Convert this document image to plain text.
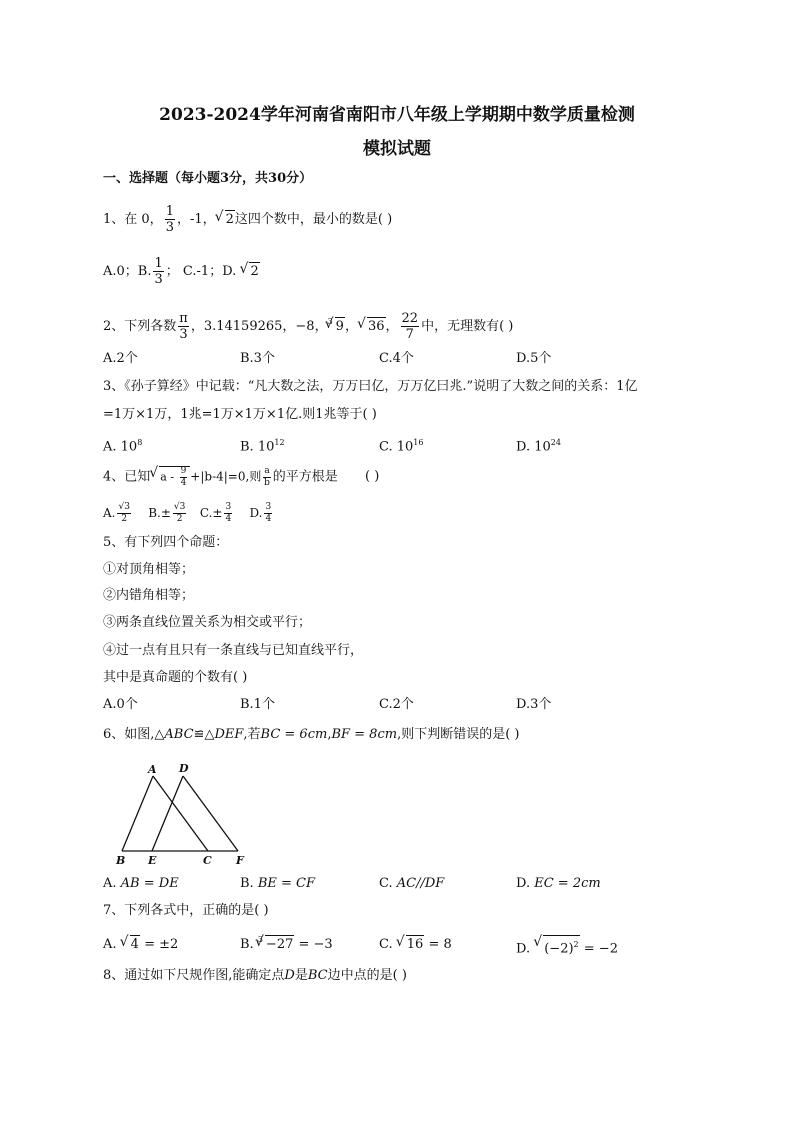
2023-2024学年河南省南阳市八年级上学期期中数学质量检测
模拟试题
一、选择题（每小题3分，共30分）
1、在 0， $\frac{1}{3}$ ，-1， √ 2这四个数中，最小的数是( )
A.0；B. $\frac{1}{3}$ ； C.-1；D. √ 2
2、下列各数 $\frac{\pi}{3}$ ，3.14159265，−8，$^3$ √ 9， √ 36， $\frac{22}{7}$ 中，无理数有( )
A.2个	B.3个	C.4个	D.5个
3、《孙子算经》中记载：“凡大数之法，万万曰亿，万万亿曰兆.”说明了大数之间的关系：1亿
=1万×1万，1兆=1万×1万×1亿.则1兆等于( )
A. $10^8$	B. $10^{12}$	C. $10^{16}$	D. $10^{24}$
4、已知 √ $a - \frac{9}{4} +|b-4|=0$,则 $\frac{a}{b}$ 的平方根是 ( )
A. $\frac{√3}{2} B.\pm \frac{√3}{2} C.\pm \frac{3}{4} D$. $\frac{3}{4}$
5、有下列四个命题：
①对顶角相等；
②内错角相等；
③两条直线位置关系为相交或平行；
④过一点有且只有一条直线与已知直线平行，
其中是真命题的个数有( )
A.0个	B.1个	C.2个	D.3个
6、如图,△ABC≌△DEF,若BC = 6cm,BF = 8cm,则下判断错误的是( )
A D
B E	C F
A. AB = DE	B. BE = CF	C. AC//DF	D. EC = 2cm
7、下列各式中，正确的是( )
A. √ 4 = ±2	B. $^3$ √ −27 = −3	C. √ 16 = 8	D. √ $(-2)^2 = -2$
8、通过如下尺规作图,能确定点D是BC边中点的是( )
